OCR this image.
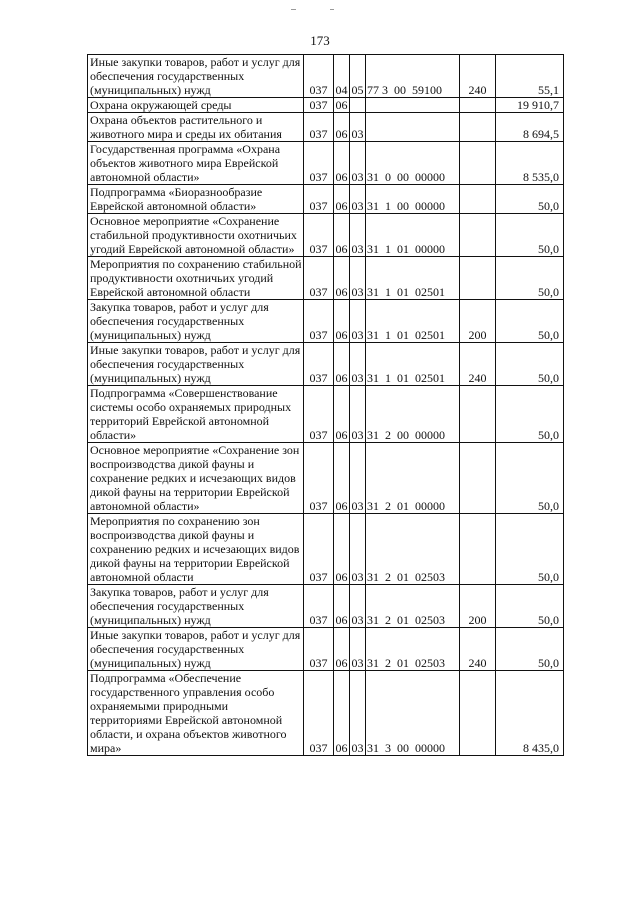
173
Иные закупки товаров, работ и услуг для обеспечения государственных (муниципальных) нужд	037	04	05	77 3  00  59100	240	55,1
Охрана окружающей среды	037	06				19 910,7
Охрана объектов растительного и животного мира и среды их обитания	037	06	03			8 694,5
Государственная программа «Охрана объектов животного мира Еврейской автономной области»	037	06	03	31  0  00  00000		8 535,0
Подпрограмма «Биоразнообразие Еврейской автономной области»	037	06	03	31  1  00  00000		50,0
Основное мероприятие «Сохранение стабильной продуктивности охотничьих угодий Еврейской автономной области»	037	06	03	31  1  01  00000		50,0
Мероприятия по сохранению стабильной продуктивности охотничьих угодий Еврейской автономной области	037	06	03	31  1  01  02501		50,0
Закупка товаров, работ и услуг для обеспечения государственных (муниципальных) нужд	037	06	03	31  1  01  02501	200	50,0
Иные закупки товаров, работ и услуг для обеспечения государственных (муниципальных) нужд	037	06	03	31  1  01  02501	240	50,0
Подпрограмма «Совершенствование системы особо охраняемых природных территорий Еврейской автономной области»	037	06	03	31  2  00  00000		50,0
Основное мероприятие «Сохранение зон воспроизводства дикой фауны и сохранение редких и исчезающих видов дикой фауны на территории Еврейской автономной области»	037	06	03	31  2  01  00000		50,0
Мероприятия по сохранению зон воспроизводства дикой фауны и сохранению редких и исчезающих видов дикой фауны на территории Еврейской автономной области	037	06	03	31  2  01  02503		50,0
Закупка товаров, работ и услуг для обеспечения государственных (муниципальных) нужд	037	06	03	31  2  01  02503	200	50,0
Иные закупки товаров, работ и услуг для обеспечения государственных (муниципальных) нужд	037	06	03	31  2  01  02503	240	50,0
Подпрограмма «Обеспечение государственного управления особо охраняемыми природными территориями Еврейской автономной области, и охрана объектов животного мира»	037	06	03	31  3  00  00000		8 435,0
